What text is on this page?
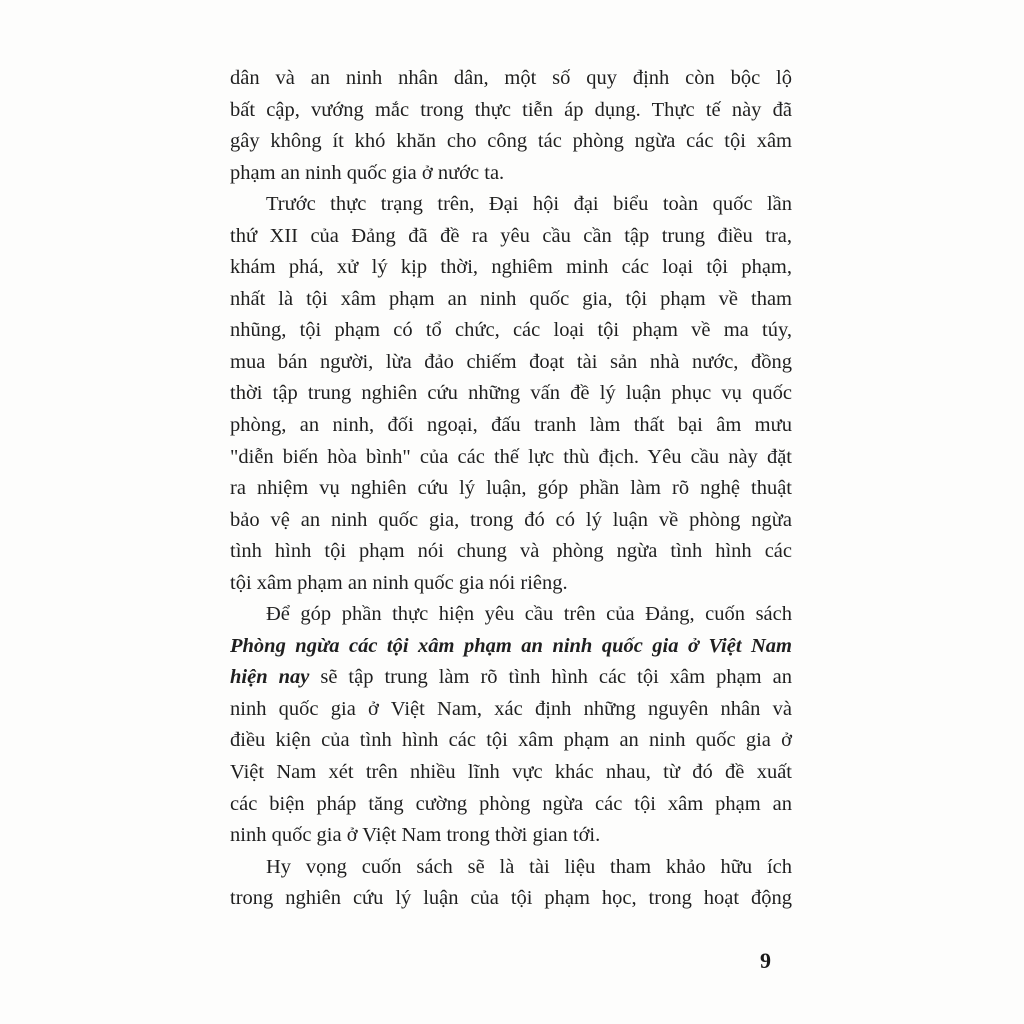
dân và an ninh nhân dân, một số quy định còn bộc lộ
bất cập, vướng mắc trong thực tiễn áp dụng. Thực tế này đã
gây không ít khó khăn cho công tác phòng ngừa các tội xâm
phạm an ninh quốc gia ở nước ta.
Trước thực trạng trên, Đại hội đại biểu toàn quốc lần
thứ XII của Đảng đã đề ra yêu cầu cần tập trung điều tra,
khám phá, xử lý kịp thời, nghiêm minh các loại tội phạm,
nhất là tội xâm phạm an ninh quốc gia, tội phạm về tham
nhũng, tội phạm có tổ chức, các loại tội phạm về ma túy,
mua bán người, lừa đảo chiếm đoạt tài sản nhà nước, đồng
thời tập trung nghiên cứu những vấn đề lý luận phục vụ quốc
phòng, an ninh, đối ngoại, đấu tranh làm thất bại âm mưu
"diễn biến hòa bình" của các thế lực thù địch. Yêu cầu này đặt
ra nhiệm vụ nghiên cứu lý luận, góp phần làm rõ nghệ thuật
bảo vệ an ninh quốc gia, trong đó có lý luận về phòng ngừa
tình hình tội phạm nói chung và phòng ngừa tình hình các
tội xâm phạm an ninh quốc gia nói riêng.
Để góp phần thực hiện yêu cầu trên của Đảng, cuốn sách
Phòng ngừa các tội xâm phạm an ninh quốc gia ở Việt Nam
hiện nay sẽ tập trung làm rõ tình hình các tội xâm phạm an
ninh quốc gia ở Việt Nam, xác định những nguyên nhân và
điều kiện của tình hình các tội xâm phạm an ninh quốc gia ở
Việt Nam xét trên nhiều lĩnh vực khác nhau, từ đó đề xuất
các biện pháp tăng cường phòng ngừa các tội xâm phạm an
ninh quốc gia ở Việt Nam trong thời gian tới.
Hy vọng cuốn sách sẽ là tài liệu tham khảo hữu ích
trong nghiên cứu lý luận của tội phạm học, trong hoạt động
9
